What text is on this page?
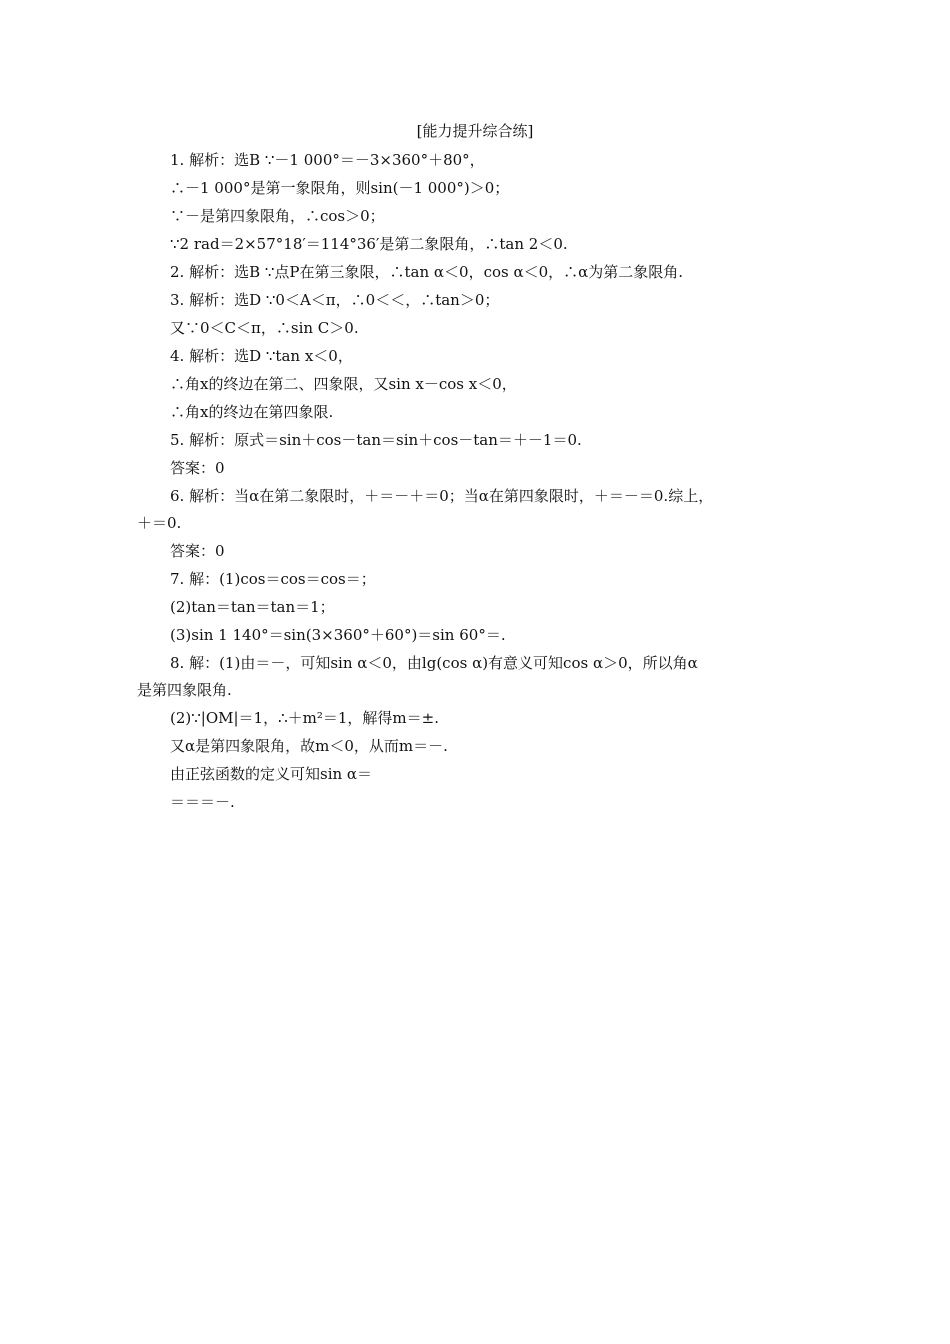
[能力提升综合练]
1. 解析：选B ∵－1 000°＝－3×360°＋80°，
∴－1 000°是第一象限角，则sin(－1 000°)＞0；
∵－是第四象限角，∴cos＞0；
∵2 rad＝2×57°18′＝114°36′是第二象限角，∴tan 2＜0.
2. 解析：选B ∵点P在第三象限，∴tan α＜0，cos α＜0，∴α为第二象限角.
3. 解析：选D ∵0＜A＜π，∴0＜＜，∴tan＞0；
又∵0＜C＜π，∴sin C＞0.
4. 解析：选D ∵tan x＜0，
∴角x的终边在第二、四象限，又sin x－cos x＜0，
∴角x的终边在第四象限.
5. 解析：原式＝sin＋cos－tan＝sin＋cos－tan＝＋－1＝0.
答案：0
6. 解析：当α在第二象限时，＋＝－＋＝0；当α在第四象限时，＋＝－＝0.综上，
＋＝0.
答案：0
7. 解：(1)cos＝cos＝cos＝；
(2)tan＝tan＝tan＝1；
(3)sin 1 140°＝sin(3×360°＋60°)＝sin 60°＝.
8. 解：(1)由＝－，可知sin α＜0，由lg(cos α)有意义可知cos α＞0，所以角α
是第四象限角.
(2)∵|OM|＝1，∴＋m²＝1，解得m＝±.
又α是第四象限角，故m＜0，从而m＝－.
由正弦函数的定义可知sin α＝
＝＝＝－.
